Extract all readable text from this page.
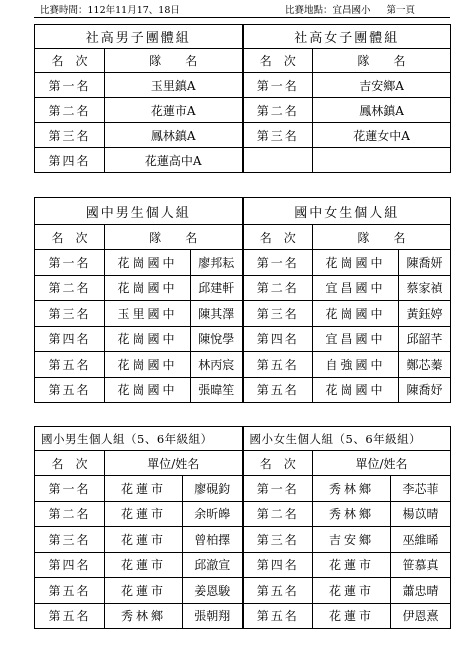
比賽時間：112年11月17、18日	比賽地點：宜昌國小 第一頁
社高男子團體組		社高女子團體組	
名　次	隊　　名	名　次	隊　　名
第一名	玉里鎮A	第一名	吉安鄉A
第二名	花蓮市A	第二名	鳳林鎮A
第三名	鳳林鎮A	第三名	花蓮女中A
第四名	花蓮高中A		
國中男生個人組			國中女生個人組		
名　次	隊　　名		名　次	隊　　名	
第一名	花崗國中	廖邦耘	第一名	花崗國中	陳喬妍
第二名	花崗國中	邱建軒	第二名	宜昌國中	蔡家禎
第三名	玉里國中	陳其澤	第三名	花崗國中	黃鈺婷
第四名	花崗國中	陳悅學	第四名	宜昌國中	邱韶芊
第五名	花崗國中	林丙宸	第五名	自強國中	鄭芯蓁
第五名	花崗國中	張暐笙	第五名	花崗國中	陳喬妤
國小男生個人組（5、6年級組）			國小女生個人組（5、6年級組）		
名　次	單位/姓名		名　次	單位/姓名	
第一名	花蓮市	廖硯鈞	第一名	秀林鄉	李芯菲
第二名	花蓮市	余昕皞	第二名	秀林鄉	楊苡晴
第三名	花蓮市	曾柏擇	第三名	吉安鄉	巫維晞
第四名	花蓮市	邱澈宣	第四名	花蓮市	笹慕真
第五名	花蓮市	姜恩駿	第五名	花蓮市	蕭忠晴
第五名	秀林鄉	張朝翔	第五名	花蓮市	伊恩熹
